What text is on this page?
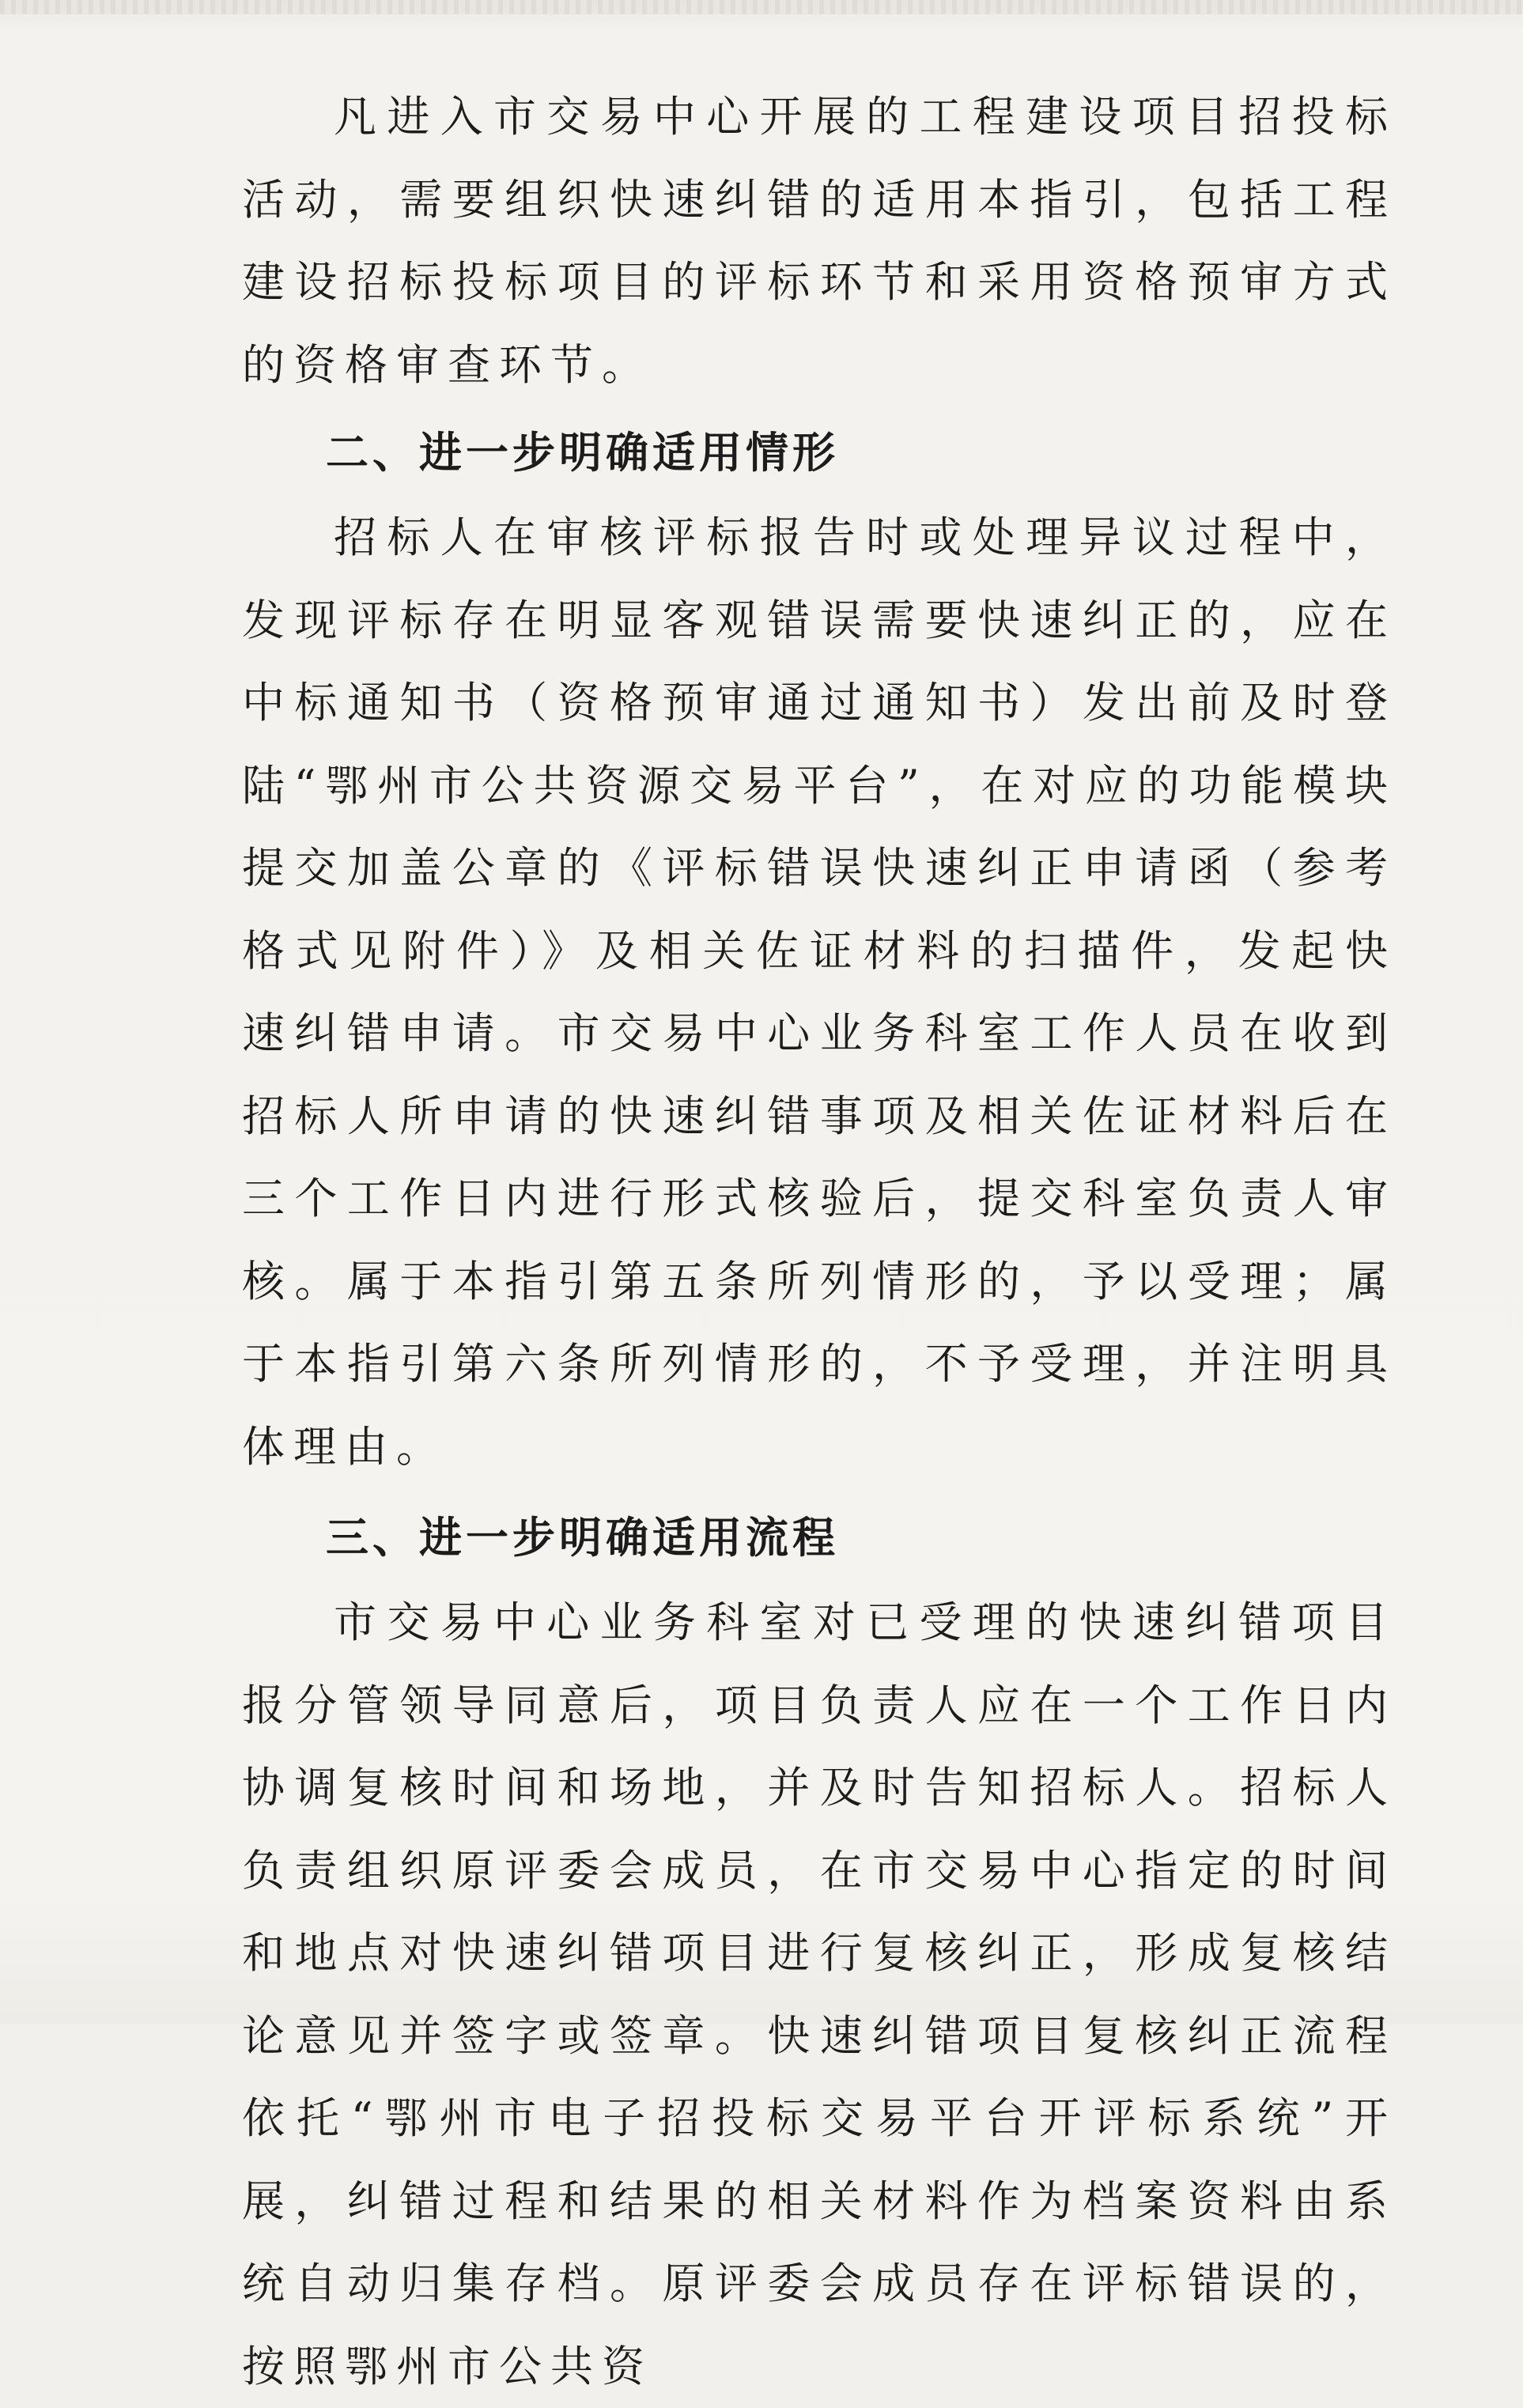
凡进入市交易中心开展的工程建设项目招投标活动，需要组织快速纠错的适用本指引，包括工程建设招标投标项目的评标环节和采用资格预审方式的资格审查环节。

二、进一步明确适用情形

招标人在审核评标报告时或处理异议过程中，发现评标存在明显客观错误需要快速纠正的，应在中标通知书（资格预审通过通知书）发出前及时登陆“鄂州市公共资源交易平台”，在对应的功能模块提交加盖公章的《评标错误快速纠正申请函（参考格式见附件）》及相关佐证材料的扫描件，发起快速纠错申请。市交易中心业务科室工作人员在收到招标人所申请的快速纠错事项及相关佐证材料后在三个工作日内进行形式核验后，提交科室负责人审核。属于本指引第五条所列情形的，予以受理；属于本指引第六条所列情形的，不予受理，并注明具体理由。

三、进一步明确适用流程

市交易中心业务科室对已受理的快速纠错项目报分管领导同意后，项目负责人应在一个工作日内协调复核时间和场地，并及时告知招标人。招标人负责组织原评委会成员，在市交易中心指定的时间和地点对快速纠错项目进行复核纠正，形成复核结论意见并签字或签章。快速纠错项目复核纠正流程依托“鄂州市电子招投标交易平台开评标系统”开展，纠错过程和结果的相关材料作为档案资料由系统自动归集存档。原评委会成员存在评标错误的，按照鄂州市公共资
